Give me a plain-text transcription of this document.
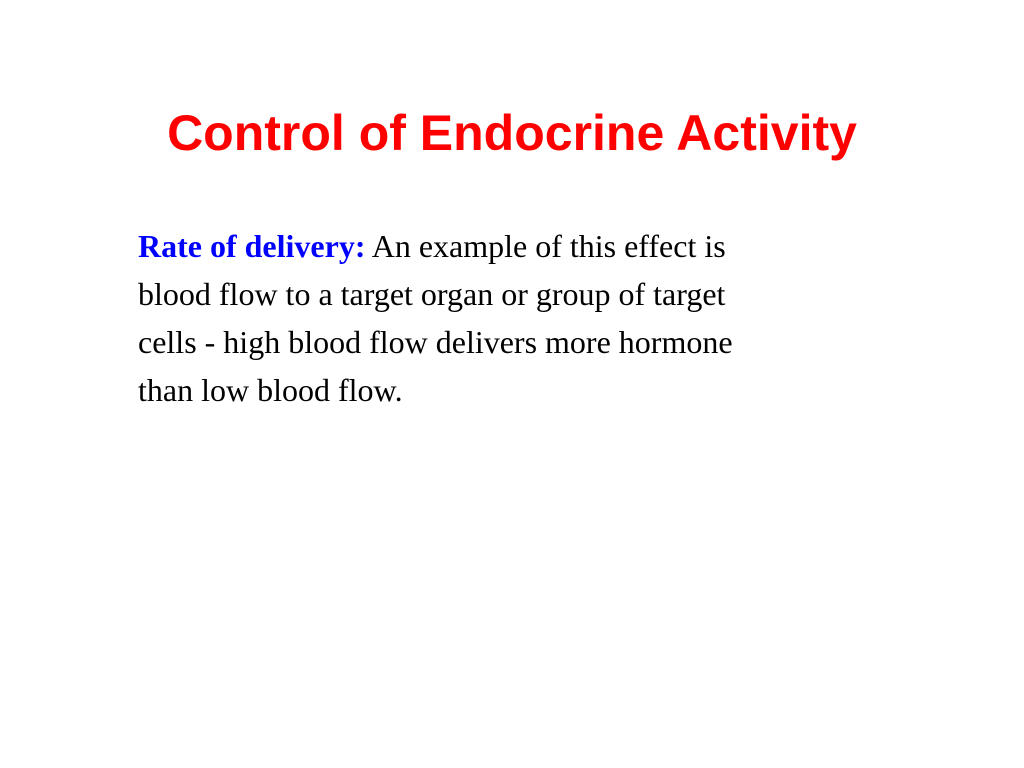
Control of Endocrine Activity

Rate of delivery: An example of this effect is
blood flow to a target organ or group of target
cells - high blood flow delivers more hormone
than low blood flow.
